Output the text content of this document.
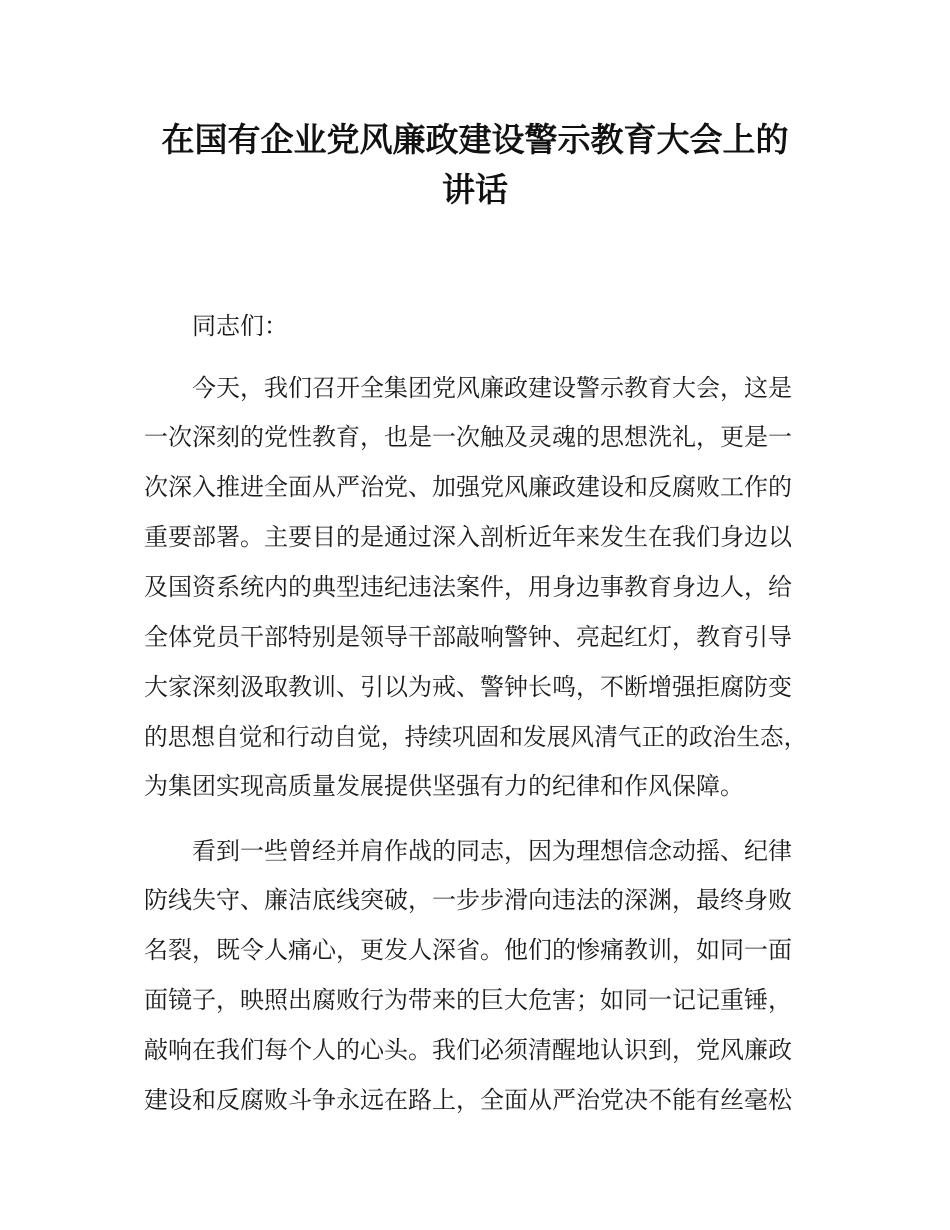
在国有企业党风廉政建设警示教育大会上的
讲话

同志们：

今天，我们召开全集团党风廉政建设警示教育大会，这是

一次深刻的党性教育，也是一次触及灵魂的思想洗礼，更是一

次深入推进全面从严治党、加强党风廉政建设和反腐败工作的

重要部署。主要目的是通过深入剖析近年来发生在我们身边以

及国资系统内的典型违纪违法案件，用身边事教育身边人，给

全体党员干部特别是领导干部敲响警钟、亮起红灯，教育引导

大家深刻汲取教训、引以为戒、警钟长鸣，不断增强拒腐防变

的思想自觉和行动自觉，持续巩固和发展风清气正的政治生态，

为集团实现高质量发展提供坚强有力的纪律和作风保障。

看到一些曾经并肩作战的同志，因为理想信念动摇、纪律

防线失守、廉洁底线突破，一步步滑向违法的深渊，最终身败

名裂，既令人痛心，更发人深省。他们的惨痛教训，如同一面

面镜子，映照出腐败行为带来的巨大危害；如同一记记重锤，

敲响在我们每个人的心头。我们必须清醒地认识到，党风廉政

建设和反腐败斗争永远在路上，全面从严治党决不能有丝毫松
